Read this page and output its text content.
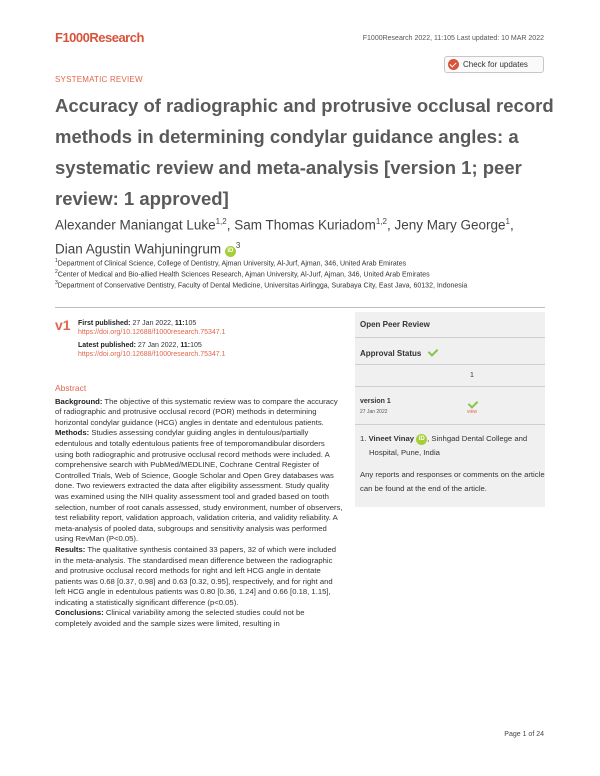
F1000Research	F1000Research 2022, 11:105 Last updated: 10 MAR 2022
SYSTEMATIC REVIEW
Check for updates
Accuracy of radiographic and protrusive occlusal record methods in determining condylar guidance angles: a systematic review and meta-analysis [version 1; peer review: 1 approved]
Alexander Maniangat Luke$^{1,2}$, Sam Thomas Kuriadom$^{1,2}$, Jeny Mary George$^1$,
Dian Agustin Wahjuningrum $iD^3$
$^1$Department of Clinical Science, College of Dentistry, Ajman University, Al-Jurf, Ajman, 346, United Arab Emirates
$^2$Center of Medical and Bio-allied Health Sciences Research, Ajman University, Al-Jurf, Ajman, 346, United Arab Emirates
$^3$Department of Conservative Dentistry, Faculty of Dental Medicine, Universitas Airlingga, Surabaya City, East Java, 60132, Indonesia
v1 First published: 27 Jan 2022, 11:105
https://doi.org/10.12688/f1000research.75347.1
Latest published: 27 Jan 2022, 11:105
https://doi.org/10.12688/f1000research.75347.1
Abstract

Background: The objective of this systematic review was to compare the accuracy of radiographic and protrusive occlusal record (POR) methods in determining horizontal condylar guidance (HCG) angles in dentate and edentulous patients.

Methods: Studies assessing condylar guiding angles in dentulous/partially edentulous and totally edentulous patients free of temporomandibular disorders using both radiographic and protrusive occlusal record methods were included. A comprehensive search with PubMed/MEDLINE, Cochrane Central Register of Controlled Trials, Web of Science, Google Scholar and Open Grey databases was done. Two reviewers extracted the data after eligibility assessment. Study quality was examined using the NIH quality assessment tool and graded based on tooth selection, number of root canals assessed, study environment, number of observers, test reliability report, validation approach, validation criteria, and validity reliability. A meta-analysis of pooled data, subgroups and sensitivity analysis was performed using RevMan (P<0.05).

Results: The qualitative synthesis contained 33 papers, 32 of which were included in the meta-analysis. The standardised mean difference between the radiographic and protrusive occlusal record methods for right and left HCG angle in dentate patients was 0.68 [0.37, 0.98] and 0.63 [0.32, 0.95], respectively, and for right and left HCG angle in edentulous patients was 0.80 [0.36, 1.24] and 0.66 [0.18, 1.15], indicating a statistically significant difference (p<0.05).

Conclusions: Clinical variability among the selected studies could not be completely avoided and the sample sizes were limited, resulting in

Open Peer Review
Approval Status
1
version 1
27 Jan 2022	view
1. Vineet Vinay iD , Sinhgad Dental College and
Hospital, Pune, India
Any reports and responses or comments on the article can be found at the end of the article.
Page 1 of 24
